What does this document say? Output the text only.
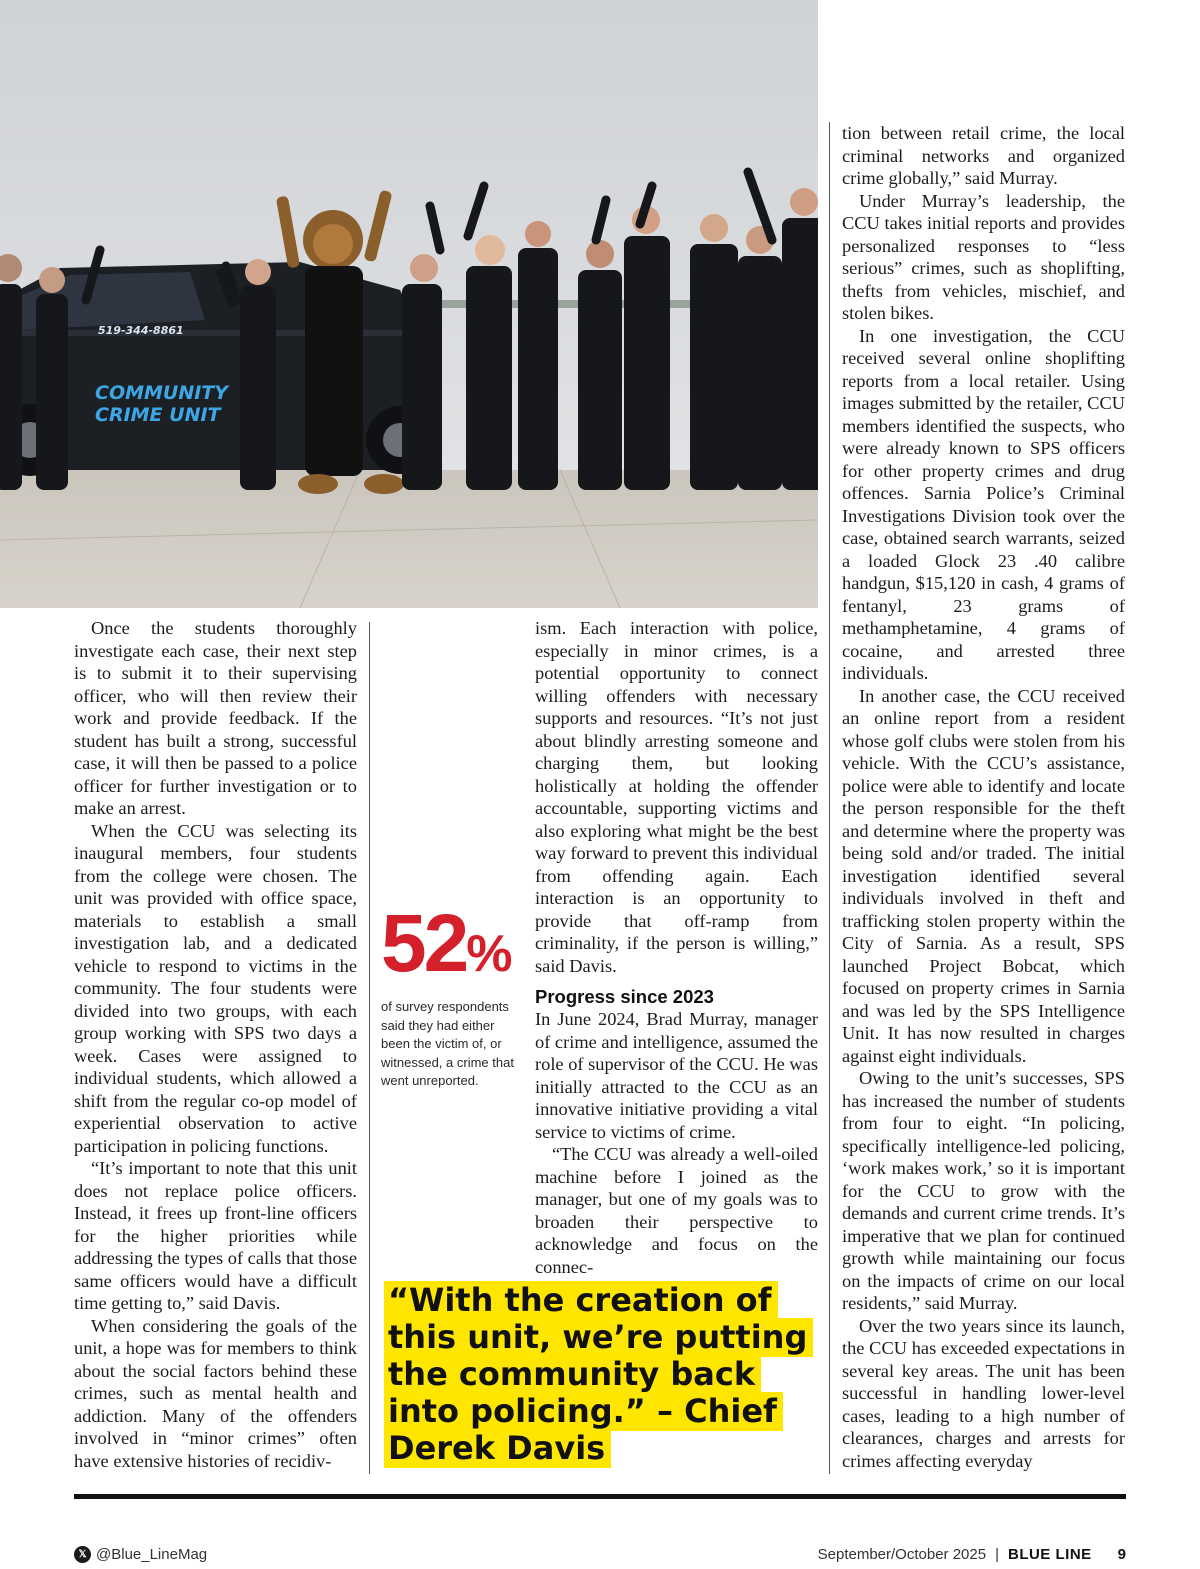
519-344-8861
COMMUNITY
CRIME UNIT

Once the students thoroughly investigate each case, their next step is to submit it to their supervising officer, who will then review their work and provide feedback. If the student has built a strong, successful case, it will then be passed to a police officer for further investigation or to make an arrest.

When the CCU was selecting its inaugural members, four students from the college were chosen. The unit was provided with office space, materials to establish a small investigation lab, and a dedicated vehicle to respond to victims in the community. The four students were divided into two groups, with each group working with SPS two days a week. Cases were assigned to individual students, which allowed a shift from the regular co-op model of experiential observation to active participation in policing functions.

“It’s important to note that this unit does not replace police officers. Instead, it frees up front-line officers for the higher priorities while addressing the types of calls that those same officers would have a difficult time getting to,” said Davis.

When considering the goals of the unit, a hope was for members to think about the social factors behind these crimes, such as mental health and addiction. Many of the offenders involved in “minor crimes” often have extensive histories of recidiv-

52%
of survey respondents said they had either been the victim of, or witnessed, a crime that went unreported.

ism. Each interaction with police, especially in minor crimes, is a potential opportunity to connect willing offenders with necessary supports and resources. “It’s not just about blindly arresting someone and charging them, but looking holistically at holding the offender accountable, supporting victims and also exploring what might be the best way forward to prevent this individual from offending again. Each interaction is an opportunity to provide that off-ramp from criminality, if the person is willing,” said Davis.

Progress since 2023

In June 2024, Brad Murray, manager of crime and intelligence, assumed the role of supervisor of the CCU. He was initially attracted to the CCU as an innovative initiative providing a vital service to victims of crime.

“The CCU was already a well-oiled machine before I joined as the manager, but one of my goals was to broaden their perspective to acknowledge and focus on the connec-

“With the creation of this unit, we’re putting the community back into policing.” – Chief Derek Davis

tion between retail crime, the local criminal networks and organized crime globally,” said Murray.

Under Murray’s leadership, the CCU takes initial reports and provides personalized responses to “less serious” crimes, such as shoplifting, thefts from vehicles, mischief, and stolen bikes.

In one investigation, the CCU received several online shoplifting reports from a local retailer. Using images submitted by the retailer, CCU members identified the suspects, who were already known to SPS officers for other property crimes and drug offences. Sarnia Police’s Criminal Investigations Division took over the case, obtained search warrants, seized a loaded Glock 23 .40 calibre handgun, $15,120 in cash, 4 grams of fentanyl, 23 grams of methamphetamine, 4 grams of cocaine, and arrested three individuals.

In another case, the CCU received an online report from a resident whose golf clubs were stolen from his vehicle. With the CCU’s assistance, police were able to identify and locate the person responsible for the theft and determine where the property was being sold and/or traded. The initial investigation identified several individuals involved in theft and trafficking stolen property within the City of Sarnia. As a result, SPS launched Project Bobcat, which focused on property crimes in Sarnia and was led by the SPS Intelligence Unit. It has now resulted in charges against eight individuals.

Owing to the unit’s successes, SPS has increased the number of students from four to eight. “In policing, specifically intelligence-led policing, ‘work makes work,’ so it is important for the CCU to grow with the demands and current crime trends. It’s imperative that we plan for continued growth while maintaining our focus on the impacts of crime on our local residents,” said Murray.

Over the two years since its launch, the CCU has exceeded expectations in several key areas. The unit has been successful in handling lower-level cases, leading to a high number of clearances, charges and arrests for crimes affecting everyday

𝕏 @Blue_LineMag	September/October 2025 | BLUE LINE 9
